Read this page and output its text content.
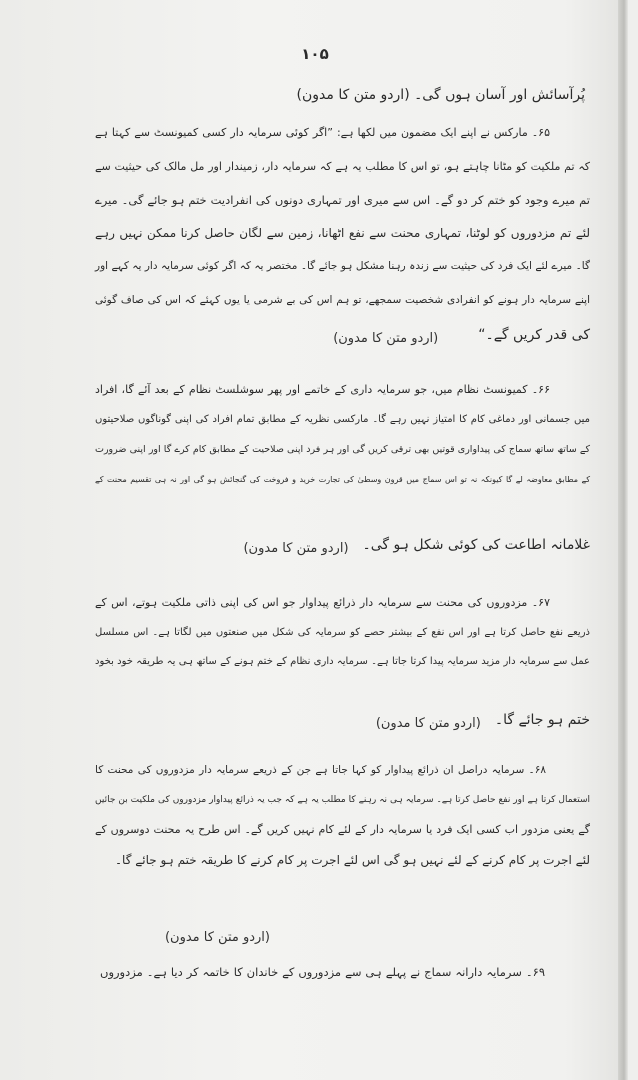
۱۰۵
پُرآسائش اور آسان ہوں گی۔ (اردو متن کا مدون)
۶۵۔ مارکس نے اپنے ایک مضمون میں لکھا ہے: ”اگر کوئی سرمایہ دار کسی کمیونسٹ سے کہتا ہے
کہ تم ملکیت کو مٹانا چاہتے ہو، تو اس کا مطلب یہ ہے کہ سرمایہ دار، زمیندار اور مل مالک کی حیثیت سے
تم میرے وجود کو ختم کر دو گے۔ اس سے میری اور تمہاری دونوں کی انفرادیت ختم ہو جائے گی۔ میرے
لئے تم مزدوروں کو لوٹنا، تمہاری محنت سے نفع اٹھانا، زمین سے لگان حاصل کرنا ممکن نہیں رہے
گا۔ میرے لئے ایک فرد کی حیثیت سے زندہ رہنا مشکل ہو جائے گا۔ مختصر یہ کہ اگر کوئی سرمایہ دار یہ کہے اور
اپنے سرمایہ دار ہونے کو انفرادی شخصیت سمجھے، تو ہم اس کی بے شرمی یا یوں کہئے کہ اس کی صاف گوئی
کی قدر کریں گے۔“
(اردو متن کا مدون)
۶۶۔ کمیونسٹ نظام میں، جو سرمایہ داری کے خاتمے اور پھر سوشلسٹ نظام کے بعد آئے گا، افراد
میں جسمانی اور دماغی کام کا امتیاز نہیں رہے گا۔ مارکسی نظریہ کے مطابق تمام افراد کی اپنی گوناگوں صلاحیتوں
کے ساتھ ساتھ سماج کی پیداواری قوتیں بھی ترقی کریں گی اور ہر فرد اپنی صلاحیت کے مطابق کام کرے گا اور اپنی ضرورت
کے مطابق معاوضہ لے گا کیونکہ نہ تو اس سماج میں قرون وسطیٰ کی تجارت خرید و فروخت کی گنجائش ہو گی اور نہ ہی تقسیم محنت کے
غلامانہ اطاعت کی کوئی شکل ہو گی۔
(اردو متن کا مدون)
۶۷۔ مزدوروں کی محنت سے سرمایہ دار ذرائع پیداوار جو اس کی اپنی ذاتی ملکیت ہوتے، اس کے
ذریعے نفع حاصل کرتا ہے اور اس نفع کے بیشتر حصے کو سرمایہ کی شکل میں صنعتوں میں لگاتا ہے۔ اس مسلسل
عمل سے سرمایہ دار مزید سرمایہ پیدا کرتا جاتا ہے۔ سرمایہ داری نظام کے ختم ہونے کے ساتھ ہی یہ طریقہ خود بخود
ختم ہو جائے گا۔
(اردو متن کا مدون)
۶۸۔ سرمایہ دراصل ان ذرائع پیداوار کو کہا جاتا ہے جن کے ذریعے سرمایہ دار مزدوروں کی محنت کا
استعمال کرتا ہے اور نفع حاصل کرتا ہے۔ سرمایہ ہی نہ رہنے کا مطلب یہ ہے کہ جب یہ ذرائع پیداوار مزدوروں کی ملکیت بن جائیں
گے یعنی مزدور اب کسی ایک فرد یا سرمایہ دار کے لئے کام نہیں کریں گے۔ اس طرح یہ محنت دوسروں کے
لئے اجرت پر کام کرنے کے لئے نہیں ہو گی اس لئے اجرت پر کام کرنے کا طریقہ ختم ہو جائے گا۔
(اردو متن کا مدون)
۶۹۔ سرمایہ دارانہ سماج نے پہلے ہی سے مزدوروں کے خاندان کا خاتمہ کر دیا ہے۔ مزدوروں
